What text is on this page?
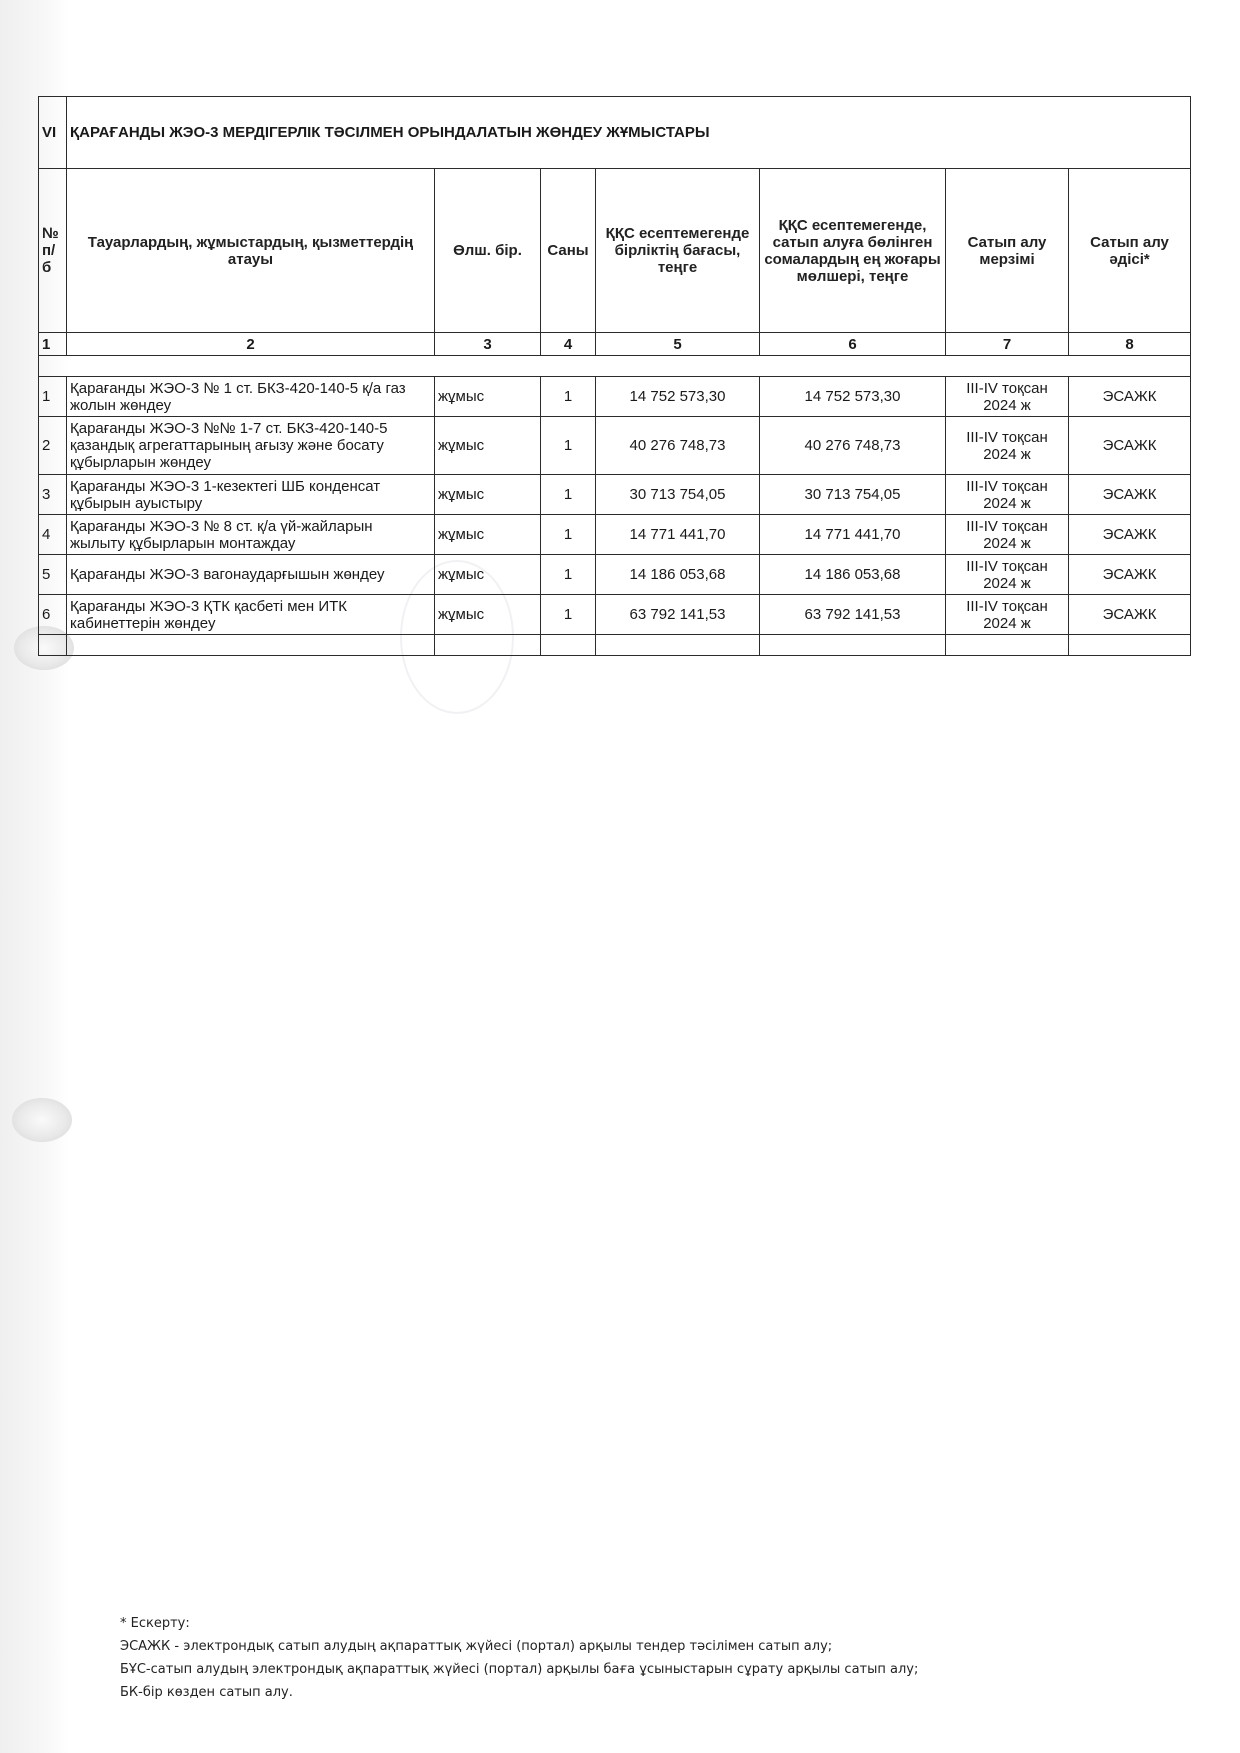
VI	ҚАРАҒАНДЫ ЖЭО-3 МЕРДІГЕРЛІК ТӘСІЛМЕН ОРЫНДАЛАТЫН ЖӨНДЕУ ЖҰМЫСТАРЫ						
№ п/б	Тауарлардың, жұмыстардың, қызметтердің атауы	Өлш. бір.	Саны	ҚҚС есептемегенде бірліктің бағасы, теңге	ҚҚС есептемегенде, сатып алуға бөлінген сомалардың ең жоғары мөлшері, теңге	Сатып алу мерзімі	Сатып алу әдісі*
1	2	3	4	5	6	7	8

1	Қарағанды ЖЭО-3 № 1 ст. БКЗ-420-140-5 қ/а газ жолын жөндеу	жұмыс	1	14 752 573,30	14 752 573,30	III-IV тоқсан 2024 ж	ЭСАЖК
2	Қарағанды ЖЭО-3 №№ 1-7 ст. БКЗ-420-140-5 қазандық агрегаттарының ағызу және босату құбырларын жөндеу	жұмыс	1	40 276 748,73	40 276 748,73	III-IV тоқсан 2024 ж	ЭСАЖК
3	Қарағанды ЖЭО-3 1-кезектегі ШБ конденсат құбырын ауыстыру	жұмыс	1	30 713 754,05	30 713 754,05	III-IV тоқсан 2024 ж	ЭСАЖК
4	Қарағанды ЖЭО-3 № 8 ст. қ/а үй-жайларын жылыту құбырларын монтаждау	жұмыс	1	14 771 441,70	14 771 441,70	III-IV тоқсан 2024 ж	ЭСАЖК
5	Қарағанды ЖЭО-3 вагонаударғышын жөндеу	жұмыс	1	14 186 053,68	14 186 053,68	III-IV тоқсан 2024 ж	ЭСАЖК
6	Қарағанды ЖЭО-3 ҚТК қасбеті мен ИТК кабинеттерін жөндеу	жұмыс	1	63 792 141,53	63 792 141,53	III-IV тоқсан 2024 ж	ЭСАЖК

* Ескерту:
ЭСАЖК - электрондық сатып алудың ақпараттық жүйесі (портал) арқылы тендер тәсілімен сатып алу;
БҰС-сатып алудың электрондық ақпараттық жүйесі (портал) арқылы баға ұсыныстарын сұрату арқылы сатып алу;
БК-бір көзден сатып алу.
